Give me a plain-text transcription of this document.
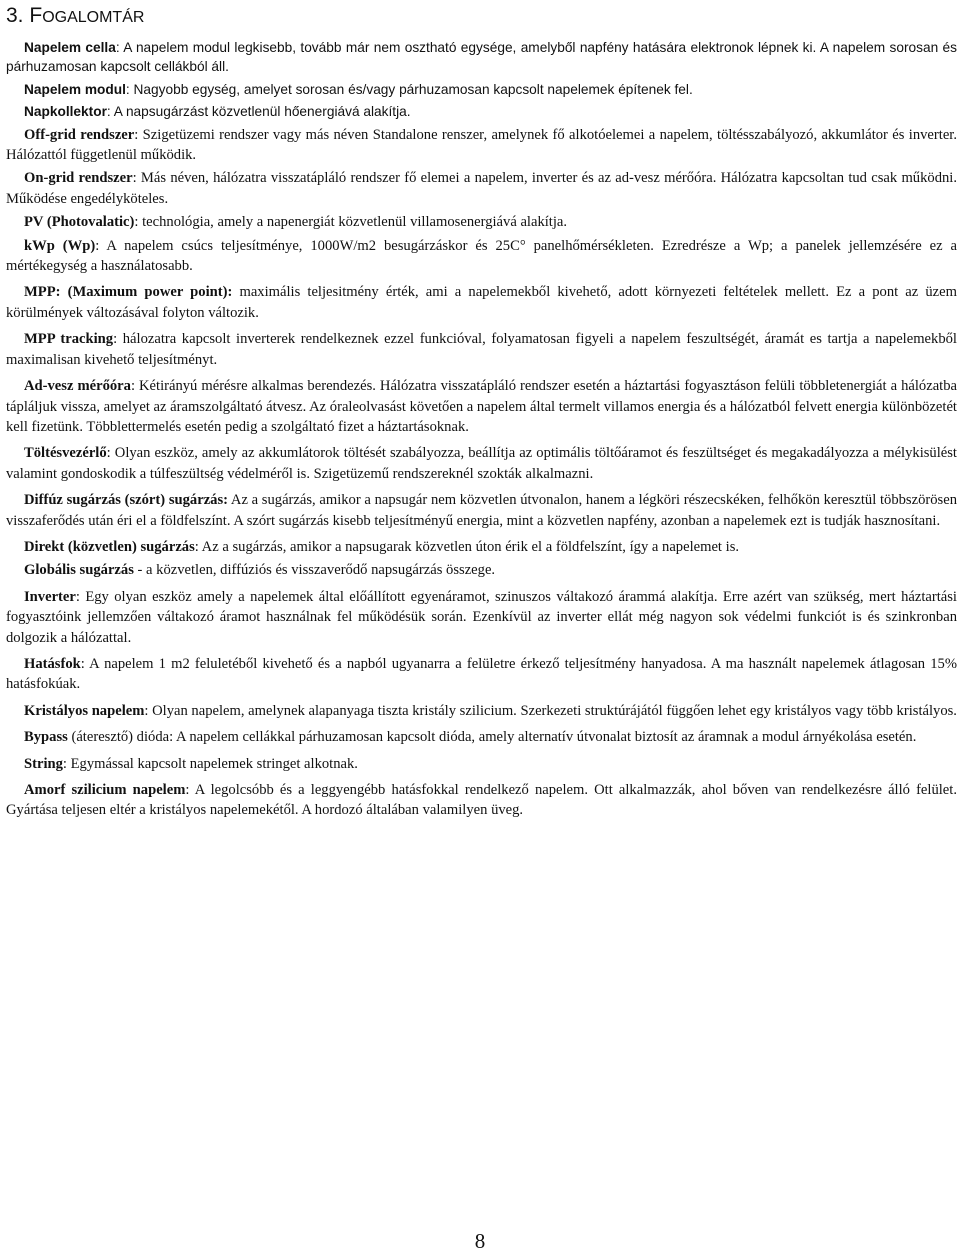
3. FOGALOMTÁR

Napelem cella: A napelem modul legkisebb, tovább már nem osztható egysége, amelyből napfény hatására elektronok lépnek ki. A napelem sorosan és párhuzamosan kapcsolt cellákból áll.

Napelem modul: Nagyobb egység, amelyet sorosan és/vagy párhuzamosan kapcsolt napelemek építenek fel.

Napkollektor: A napsugárzást közvetlenül hőenergiává alakítja.

Off-grid rendszer: Szigetüzemi rendszer vagy más néven Standalone renszer, amelynek fő alkotóelemei a napelem, töltésszabályozó, akkumlátor és inverter. Hálózattól függetlenül működik.

On-grid rendszer: Más néven, hálózatra visszatápláló rendszer fő elemei a napelem, inverter és az ad-vesz mérőóra. Hálózatra kapcsoltan tud csak működni. Működése engedélyköteles.

PV (Photovalatic): technológia, amely a napenergiát közvetlenül villamosenergiává alakítja.

kWp (Wp): A napelem csúcs teljesítménye, 1000W/m2 besugárzáskor és 25C° panelhőmérsékleten. Ezredrésze a Wp; a panelek jellemzésére ez a mértékegység a használatosabb.

MPP: (Maximum power point): maximális teljesitmény érték, ami a napelemekből kivehető, adott környezeti feltételek mellett. Ez a pont az üzem körülmények változásával folyton változik.

MPP tracking: hálozatra kapcsolt inverterek rendelkeznek ezzel funkcióval, folyamatosan figyeli a napelem feszultségét, áramát es tartja a napelemekből maximalisan kivehető teljesítményt.

Ad-vesz mérőóra: Kétirányú mérésre alkalmas berendezés. Hálózatra visszatápláló rendszer esetén a háztartási fogyasztáson felüli többletenergiát a hálózatba tápláljuk vissza, amelyet az áramszolgáltató átvesz. Az óraleolvasást követően a napelem által termelt villamos energia és a hálózatból felvett energia különbözetét kell fizetünk. Többlettermelés esetén pedig a szolgáltató fizet a háztartásoknak.

Töltésvezérlő: Olyan eszköz, amely az akkumlátorok töltését szabályozza, beállítja az optimális töltőáramot és feszültséget és megakadályozza a mélykisülést valamint gondoskodik a túlfeszültség védelméről is. Szigetüzemű rendszereknél szokták alkalmazni.

Diffúz sugárzás (szórt) sugárzás: Az a sugárzás, amikor a napsugár nem közvetlen útvonalon, hanem a légköri részecskéken, felhőkön keresztül többszörösen visszaferődés után éri el a földfelszínt. A szórt sugárzás kisebb teljesítményű energia, mint a közvetlen napfény, azonban a napelemek ezt is tudják hasznosítani.

Direkt (közvetlen) sugárzás: Az a sugárzás, amikor a napsugarak közvetlen úton érik el a földfelszínt, így a napelemet is.

Globális sugárzás - a közvetlen, diffúziós és visszaverődő napsugárzás összege.

Inverter: Egy olyan eszköz amely a napelemek által előállított egyenáramot, szinuszos váltakozó árammá alakítja. Erre azért van szükség, mert háztartási fogyasztóink jellemzően váltakozó áramot használnak fel működésük során. Ezenkívül az inverter ellát még nagyon sok védelmi funkciót is és szinkronban dolgozik a hálózattal.

Hatásfok: A napelem 1 m2 feluletéből kivehető és a napból ugyanarra a felületre érkező teljesítmény hanyadosa. A ma használt napelemek átlagosan 15% hatásfokúak.

Kristályos napelem: Olyan napelem, amelynek alapanyaga tiszta kristály szilicium. Szerkezeti struktúrájától függően lehet egy kristályos vagy több kristályos.

Bypass (áteresztő) dióda: A napelem cellákkal párhuzamosan kapcsolt dióda, amely alternatív útvonalat biztosít az áramnak a modul árnyékolása esetén.

String: Egymással kapcsolt napelemek stringet alkotnak.

Amorf szilicium napelem: A legolcsóbb és a leggyengébb hatásfokkal rendelkező napelem. Ott alkalmazzák, ahol bőven van rendelkezésre álló felület. Gyártása teljesen eltér a kristályos napelemekétől. A hordozó általában valamilyen üveg.

8
